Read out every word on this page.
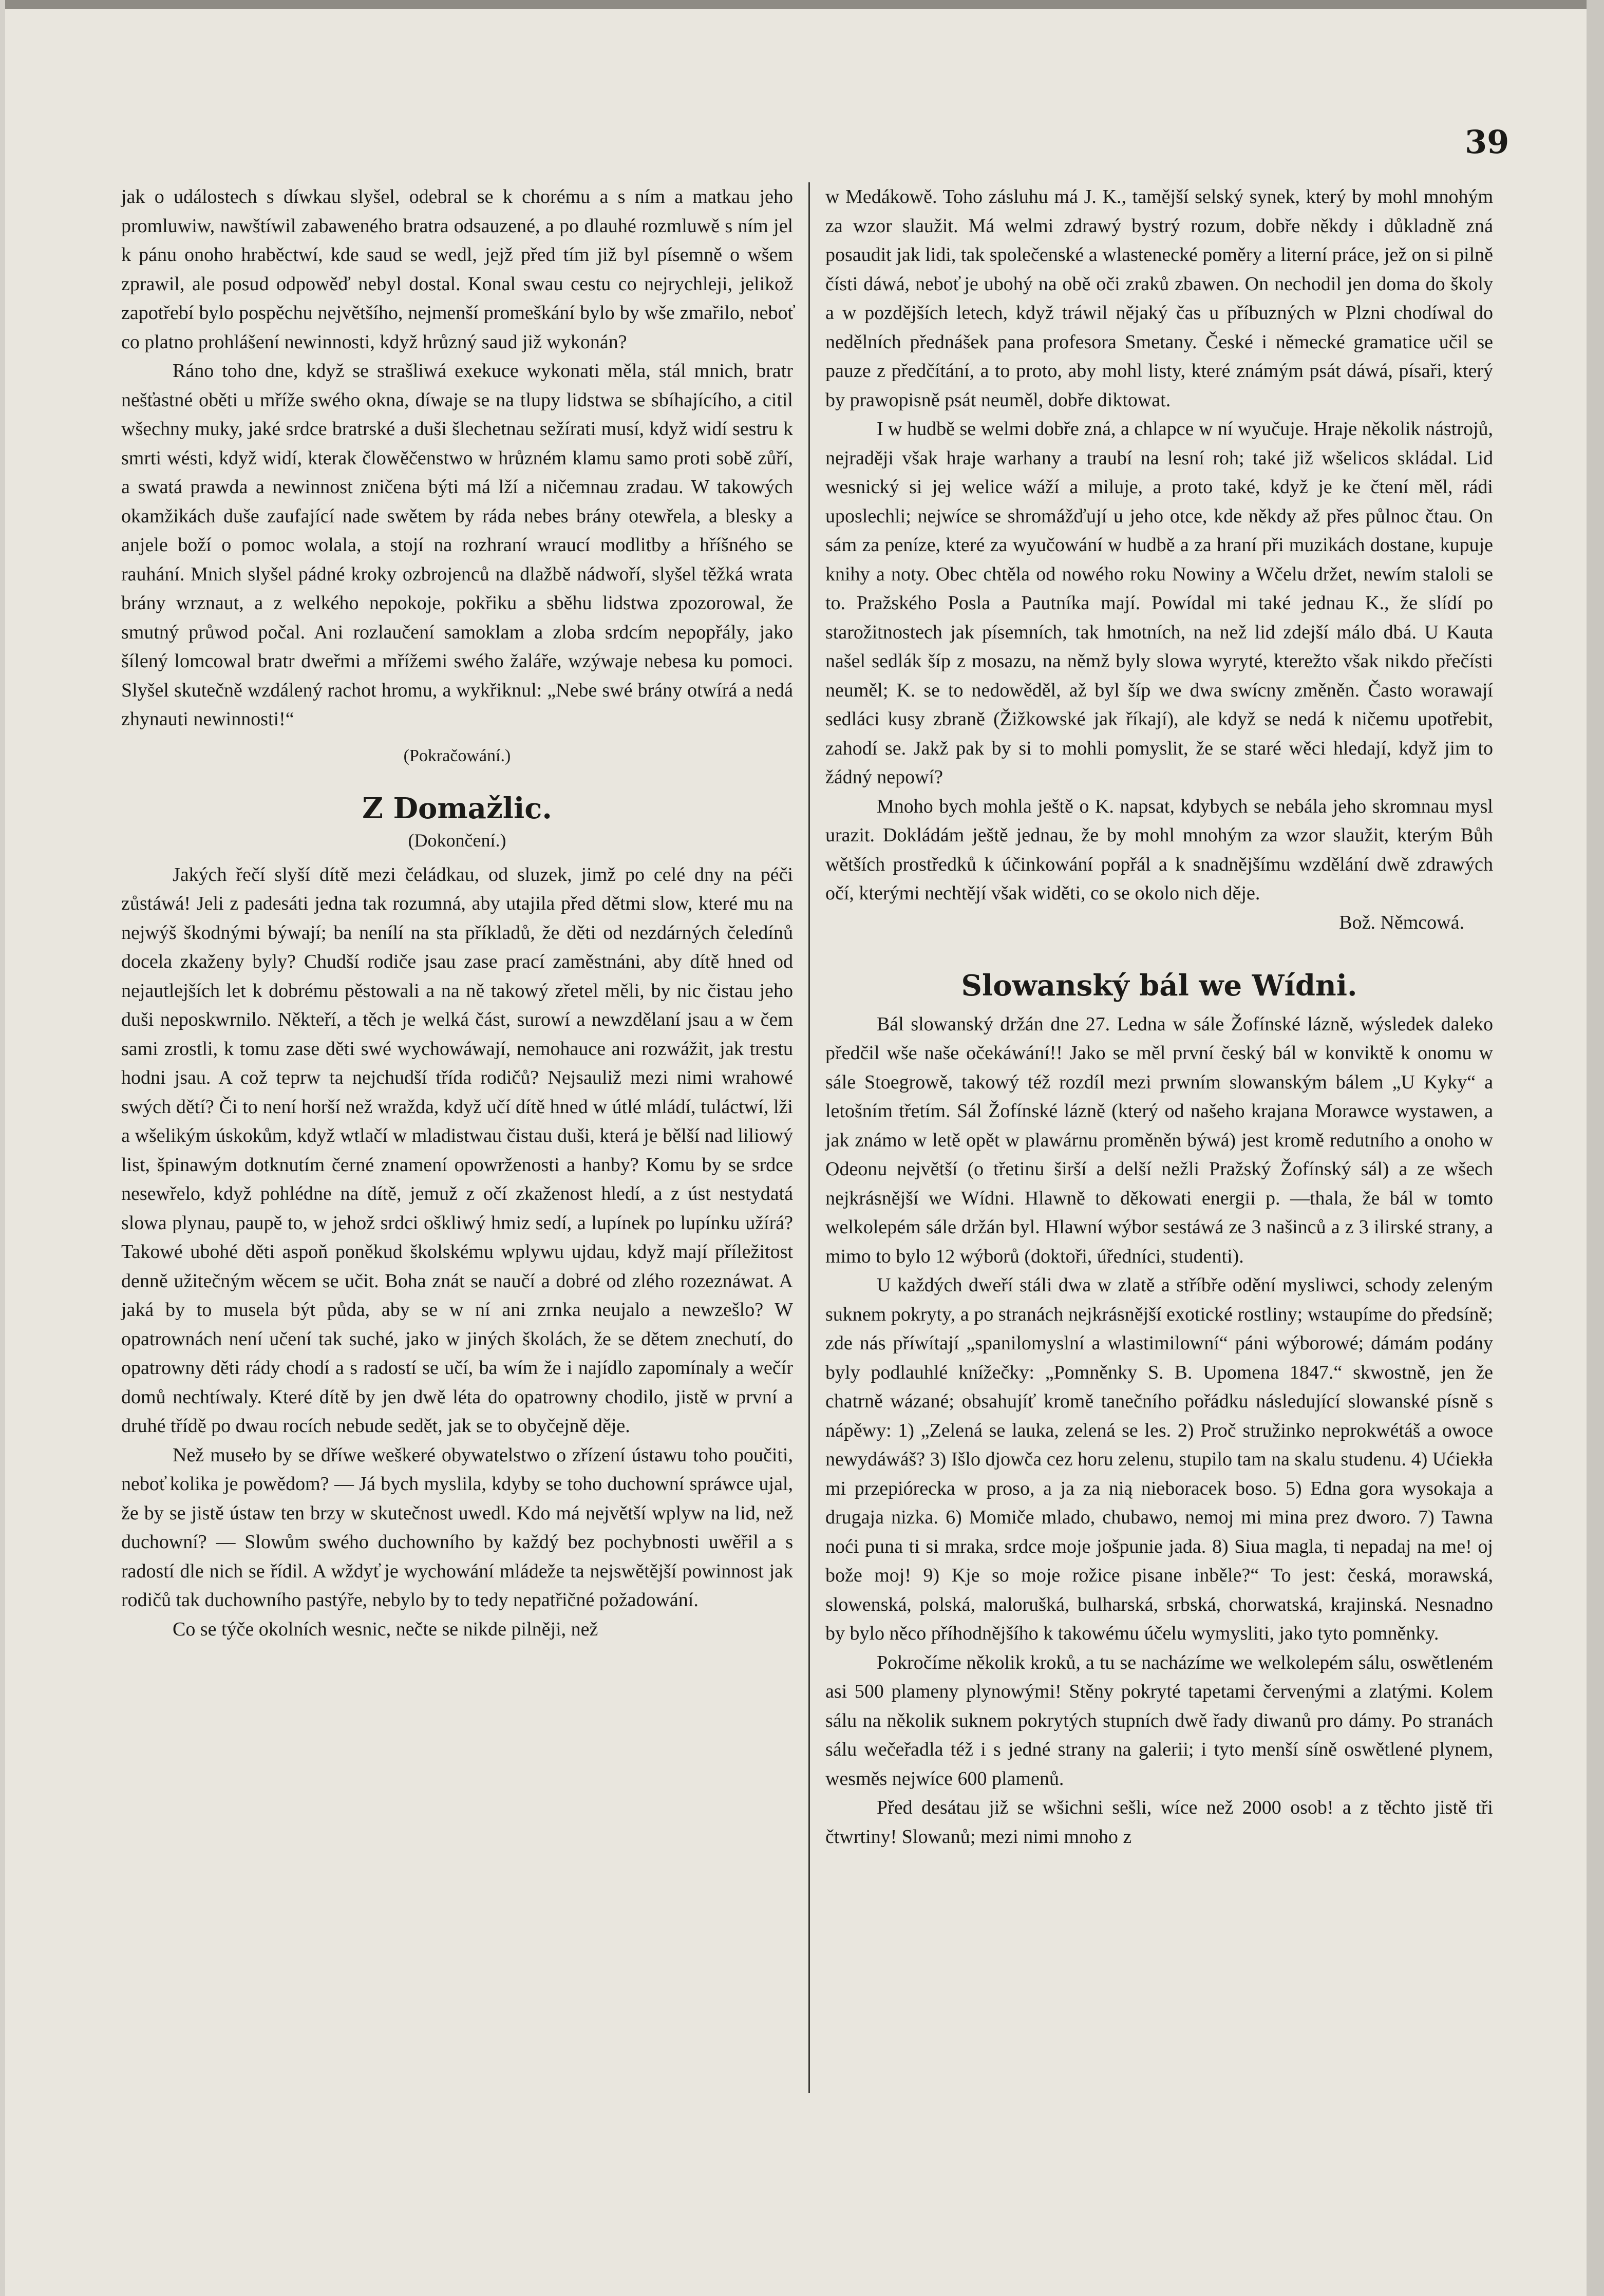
39

jak o událostech s díwkau slyšel, odebral se k chorému a s ním a matkau jeho promluwiw, nawštíwil zabaweného bratra odsauzené, a po dlauhé rozmluwě s ním jel k pánu onoho hraběctwí, kde saud se wedl, jejž před tím již byl písemně o wšem zprawil, ale posud odpowěď nebyl dostal. Konal swau cestu co nejrychleji, jelikož zapotřebí bylo pospěchu největšího, nejmenší promeškání bylo by wše zmařilo, nebot̕ co platno prohlášení newinnosti, když hrůzný saud již wykonán?

Ráno toho dne, když se strašliwá exekuce wykonati měla, stál mnich, bratr nešt̕astné oběti u mříže swého okna, díwaje se na tlupy lidstwa se sbíhajícího, a citil wšechny muky, jaké srdce bratrské a duši šlechetnau sežírati musí, když widí sestru k smrti wésti, když widí, kterak člowěčenstwo w hrůzném klamu samo proti sobě zůří, a swatá prawda a newinnost zničena býti má lží a ničemnau zradau. W takowých okamžikách duše zaufající nade swětem by ráda nebes brány otewřela, a blesky a anjele boží o pomoc wolala, a stojí na rozhraní wraucí modlitby a hříšného se rauhání. Mnich slyšel pádné kroky ozbrojenců na dlažbě nádwoří, slyšel těžká wrata brány wrznaut, a z welkého nepokoje, pokřiku a sběhu lidstwa zpozorowal, že smutný průwod počal. Ani rozlaučení samoklam a zloba srdcím nepopřály, jako šílený lomcowal bratr dweřmi a mřížemi swého žaláře, wzýwaje nebesa ku pomoci. Slyšel skutečně wzdálený rachot hromu, a wykřiknul: „Nebe swé brány otwírá a nedá zhynauti newinnosti!“

(Pokračowání.)
Z Domažlic.
(Dokončení.)

Jakých řečí slyší dítě mezi čeládkau, od sluzek, jimž po celé dny na péči zůstáwá! Jeli z padesáti jedna tak rozumná, aby utajila před dětmi slow, které mu na nejwýš škodnými býwají; ba nenílí na sta příkladů, že děti od nezdárných čeledínů docela zkaženy byly? Chudší rodiče jsau zase prací zaměstnáni, aby dítě hned od nejautlejších let k dobrému pěstowali a na ně takowý zřetel měli, by nic čistau jeho duši neposkwrnilo. Někteří, a těch je welká část, surowí a newzdělaní jsau a w čem sami zrostli, k tomu zase děti swé wychowáwají, nemohauce ani rozwážit, jak trestu hodni jsau. A což teprw ta nejchudší třída rodičů? Nejsauliž mezi nimi wrahowé swých dětí? Či to není horší než wražda, když učí dítě hned w útlé mládí, tuláctwí, lži a wšelikým úskokům, když wtlačí w mladistwau čistau duši, která je bělší nad liliowý list, špinawým dotknutím černé znamení opowrženosti a hanby? Komu by se srdce nesewřelo, když pohlédne na dítě, jemuž z očí zkaženost hledí, a z úst nestydatá slowa plynau, paupě to, w jehož srdci oškliwý hmiz sedí, a lupínek po lupínku užírá? Takowé ubohé děti aspoň poněkud školskému wplywu ujdau, když mají příležitost denně užitečným wěcem se učit. Boha znát se naučí a dobré od zlého rozeznáwat. A jaká by to musela být půda, aby se w ní ani zrnka neujalo a newzešlo? W opatrownách není učení tak suché, jako w jiných školách, že se dětem znechutí, do opatrowny děti rády chodí a s radostí se učí, ba wím že i najídlo zapomínaly a wečír domů nechtíwaly. Které dítě by jen dwě léta do opatrowny chodilo, jistě w první a druhé třídě po dwau rocích nebude sedět, jak se to obyčejně děje.

Než museło by se dříwe weškeré obywatelstwo o zřízení ústawu toho poučiti, nebot̕ kolika je powědom? — Já bych myslila, kdyby se toho duchowní spráwce ujal, že by se jistě ústaw ten brzy w skutečnost uwedl. Kdo má největší wplyw na lid, než duchowní? — Slowům swého duchowního by každý bez pochybnosti uwěřil a s radostí dle nich se řídil. A wždyt̕ je wychowání mládeže ta nejswětější powinnost jak rodičů tak duchowního pastýře, nebylo by to tedy nepatřičné požadowání.

Co se týče okolních wesnic, nečte se nikde pilněji, než

w Medákowě. Toho zásluhu má J. K., tamější selský synek, který by mohl mnohým za wzor slaužit. Má welmi zdrawý bystrý rozum, dobře někdy i důkladně zná posaudit jak lidi, tak společenské a wlastenecké poměry a literní práce, jež on si pilně čísti dáwá, nebot̕ je ubohý na obě oči zraků zbawen. On nechodil jen doma do školy a w pozdějších letech, když tráwil nějaký čas u příbuzných w Plzni chodíwal do nedělních přednášek pana profesora Smetany. České i německé gramatice učil se pauze z předčítání, a to proto, aby mohl listy, které známým psát dáwá, písaři, který by prawopisně psát neuměl, dobře diktowat.

I w hudbě se welmi dobře zná, a chlapce w ní wyučuje. Hraje několik nástrojů, nejraději však hraje warhany a traubí na lesní roh; také již wšelicos skládal. Lid wesnický si jej welice wáží a miluje, a proto také, když je ke čtení měl, rádi uposlechli; nejwíce se shromážďují u jeho otce, kde někdy až přes půlnoc čtau. On sám za peníze, které za wyučowání w hudbě a za hraní při muzikách dostane, kupuje knihy a noty. Obec chtěla od nowého roku Nowiny a Wčelu držet, newím staloli se to. Pražského Posla a Pautníka mají. Powídal mi také jednau K., že slídí po starožitnostech jak písemních, tak hmotních, na než lid zdejší málo dbá. U Kauta našel sedlák šíp z mosazu, na němž byly slowa wyryté, kterežto však nikdo přečísti neuměl; K. se to nedowěděl, až byl šíp we dwa swícny změněn. Často worawají sedláci kusy zbraně (Žižkowské jak říkají), ale když se nedá k ničemu upotřebit, zahodí se. Jakž pak by si to mohli pomyslit, že se staré wěci hledají, když jim to žádný nepowí?

Mnoho bych mohla ještě o K. napsat, kdybych se nebála jeho skromnau mysl urazit. Dokládám ještě jednau, že by mohl mnohým za wzor slaužit, kterým Bůh wětších prostředků k účinkowání popřál a k snadnějšímu wzdělání dwě zdrawých očí, kterými nechtějí však widěti, co se okolo nich děje.

Bož. Němcowá.
Slowanský bál we Wídni.

Bál slowanský držán dne 27. Ledna w sále Žofínské lázně, wýsledek daleko předčil wše naše očekáwání!! Jako se měl první český bál w konviktě k onomu w sále Stoegrowě, takowý též rozdíl mezi prwním slowanským bálem „U Kyky“ a letošním třetím. Sál Žofínské lázně (který od našeho krajana Morawce wystawen, a jak známo w letě opět w plawárnu proměněn býwá) jest kromě redutního a onoho w Odeonu největší (o třetinu širší a delší nežli Pražský Žofínský sál) a ze wšech nejkrásnější we Wídni. Hlawně to děkowati energii p. —thala, že bál w tomto welkolepém sále držán byl. Hlawní wýbor sestáwá ze 3 našinců a z 3 ilirské strany, a mimo to bylo 12 wýborů (doktoři, úředníci, studenti).

U každých dweří stáli dwa w zlatě a stříbře odění mysliwci, schody zeleným suknem pokryty, a po stranách nejkrásnější exotické rostliny; wstaupíme do předsíně; zde nás příwítají „spanilomyslní a wlastimilowní“ páni wýborowé; dámám podány byly podlauhlé knížečky: „Pomněnky S. B. Upomena 1847.“ skwostně, jen že chatrně wázané; obsahujíť kromě tanečního pořádku následující slowanské písně s nápěwy: 1) „Zelená se lauka, zelená se les. 2) Proč stružinko neprokwétáš a owoce newydáwáš? 3) Išlo djowča cez horu zelenu, stupilo tam na skalu studenu. 4) Ućiekła mi przepiórecka w proso, a ja za nią nieboracek boso. 5) Edna gora wysokaja a drugaja nizka. 6) Momiče mlado, chubawo, nemoj mi mina prez dworo. 7) Tawna noći puna ti si mraka, srdce moje jošpunie jada. 8) Siua magla, ti nepadaj na me! oj bože moj! 9) Kje so moje rožice pisane inběle?“ To jest: česká, morawská, slowenská, polská, malorušká, bulharská, srbská, chorwatská, krajinská. Nesnadno by bylo něco příhodnějšího k takowému účelu wymysliti, jako tyto pomněnky.

Pokročíme několik kroků, a tu se nacházíme we welkolepém sálu, oswětleném asi 500 plameny plynowými! Stěny pokryté tapetami červenými a zlatými. Kolem sálu na několik suknem pokrytých stupních dwě řady diwanů pro dámy. Po stranách sálu wečeřadla též i s jedné strany na galerii; i tyto menší síně oswětlené plynem, wesměs nejwíce 600 plamenů.

Před desátau již se wšichni sešli, wíce než 2000 osob! a z těchto jistě tři čtwrtiny! Slowanů; mezi nimi mnoho z
